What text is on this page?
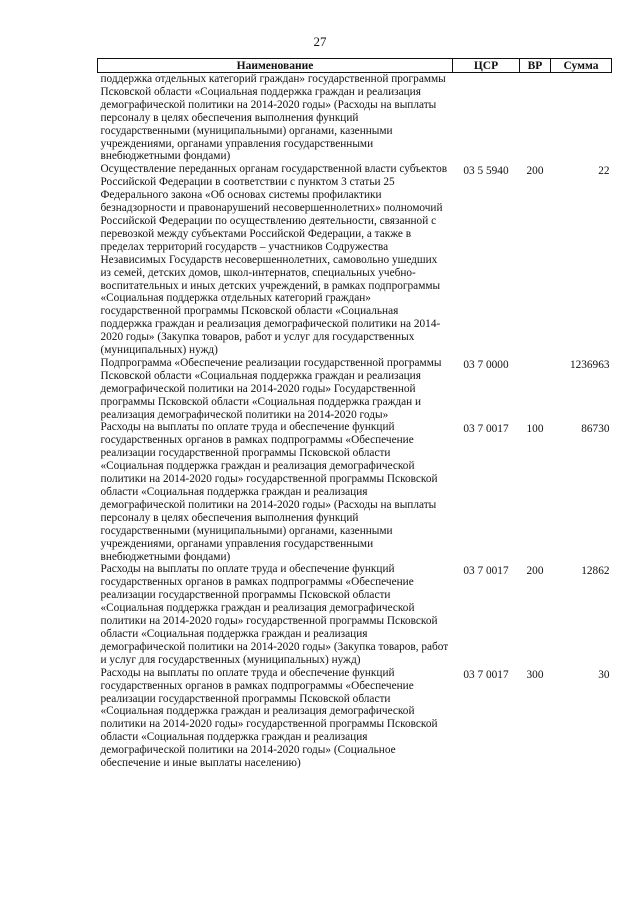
27
Наименование	ЦСР	ВР	Сумма
поддержка отдельных категорий граждан» государственной программы Псковской области «Социальная поддержка граждан и реализация демографической политики на 2014-2020 годы» (Расходы на выплаты персоналу в целях обеспечения выполнения функций государственными (муниципальными) органами, казенными учреждениями, органами управления государственными внебюджетными фондами)			
Осуществление переданных органам государственной власти субъектов Российской Федерации в соответствии с пунктом 3 статьи 25 Федерального закона «Об основах системы профилактики безнадзорности и правонарушений несовершеннолетних» полномочий Российской Федерации по осуществлению деятельности, связанной с перевозкой между субъектами Российской Федерации, а также в пределах территорий государств – участников Содружества Независимых Государств несовершеннолетних, самовольно ушедших из семей, детских домов, школ-интернатов, специальных учебно-воспитательных и иных детских учреждений, в рамках подпрограммы «Социальная поддержка отдельных категорий граждан» государственной программы Псковской области «Социальная поддержка граждан и реализация демографической политики на 2014-2020 годы» (Закупка товаров, работ и услуг для государственных (муниципальных) нужд)	03 5 5940	200	22
Подпрограмма «Обеспечение реализации государственной программы Псковской области «Социальная поддержка граждан и реализация демографической политики на 2014-2020 годы» Государственной программы Псковской области «Социальная поддержка граждан и реализация демографической политики на 2014-2020 годы»	03 7 0000		1236963
Расходы на выплаты по оплате труда и обеспечение функций государственных органов в рамках подпрограммы «Обеспечение реализации государственной программы Псковской области «Социальная поддержка граждан и реализация демографической политики на 2014-2020 годы» государственной программы Псковской области «Социальная поддержка граждан и реализация демографической политики на 2014-2020 годы» (Расходы на выплаты персоналу в целях обеспечения выполнения функций государственными (муниципальными) органами, казенными учреждениями, органами управления государственными внебюджетными фондами)	03 7 0017	100	86730
Расходы на выплаты по оплате труда и обеспечение функций государственных органов в рамках подпрограммы «Обеспечение реализации государственной программы Псковской области «Социальная поддержка граждан и реализация демографической политики на 2014-2020 годы» государственной программы Псковской области «Социальная поддержка граждан и реализация демографической политики на 2014-2020 годы» (Закупка товаров, работ и услуг для государственных (муниципальных) нужд)	03 7 0017	200	12862
Расходы на выплаты по оплате труда и обеспечение функций государственных органов в рамках подпрограммы «Обеспечение реализации государственной программы Псковской области «Социальная поддержка граждан и реализация демографической политики на 2014-2020 годы» государственной программы Псковской области «Социальная поддержка граждан и реализация демографической политики на 2014-2020 годы» (Социальное обеспечение и иные выплаты населению)	03 7 0017	300	30
